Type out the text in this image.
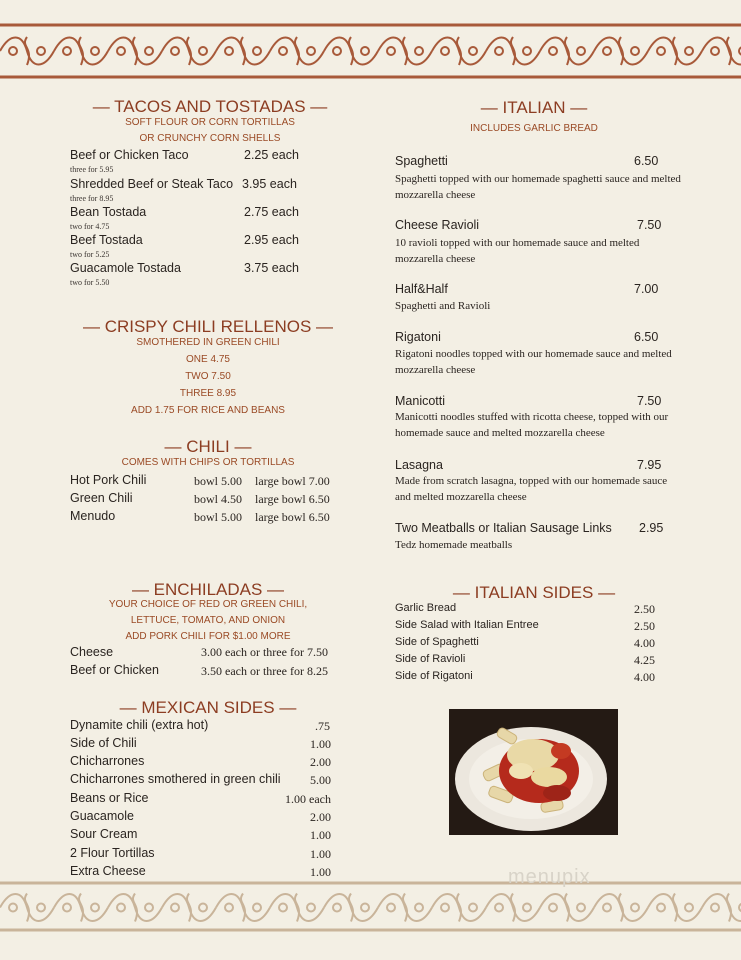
— TACOS AND TOSTADAS —
SOFT FLOUR OR CORN TORTILLAS
OR CRUNCHY CORN SHELLS
Beef or Chicken Taco	2.25 each
three for 5.95
Shredded Beef or Steak Taco 3.95 each
three for 8.95
Bean Tostada	2.75 each
two for 4.75
Beef Tostada	2.95 each
two for 5.25
Guacamole Tostada	3.75 each
two for 5.50
— CRISPY CHILI RELLENOS —
SMOTHERED IN GREEN CHILI
ONE 4.75
TWO 7.50
THREE 8.95
ADD 1.75 FOR RICE AND BEANS
— CHILI —
COMES WITH CHIPS OR TORTILLAS
Hot Pork Chili	bowl 5.00 large bowl 7.00
Green Chili	bowl 4.50 large bowl 6.50
Menudo	bowl 5.00 large bowl 6.50
— ENCHILADAS —
YOUR CHOICE OF RED OR GREEN CHILI,
LETTUCE, TOMATO, AND ONION
ADD PORK CHILI FOR $1.00 MORE
Cheese	3.00 each or three for 7.50
Beef or Chicken	3.50 each or three for 8.25
— MEXICAN SIDES —
Dynamite chili (extra hot)	.75
Side of Chili	1.00
Chicharrones	2.00
Chicharrones smothered in green chili 5.00
Beans or Rice	1.00 each
Guacamole	2.00
Sour Cream	1.00
2 Flour Tortillas	1.00
Extra Cheese	1.00
— ITALIAN —
INCLUDES GARLIC BREAD
Spaghetti	6.50
Spaghetti topped with our homemade spaghetti sauce and melted mozzarella cheese
Cheese Ravioli	7.50
10 ravioli topped with our homemade sauce and melted mozzarella cheese
Half&Half	7.00
Spaghetti and Ravioli
Rigatoni	6.50
Rigatoni noodles topped with our homemade sauce and melted mozzarella cheese
Manicotti	7.50
Manicotti noodles stuffed with ricotta cheese, topped with our homemade sauce and melted mozzarella cheese
Lasagna	7.95
Made from scratch lasagna, topped with our homemade sauce and melted mozzarella cheese
Two Meatballs or Italian Sausage Links 2.95
Tedz homemade meatballs
— ITALIAN SIDES —
Garlic Bread	2.50
Side Salad with Italian Entree	2.50
Side of Spaghetti	4.00
Side of Ravioli	4.25
Side of Rigatoni	4.00
menupix
